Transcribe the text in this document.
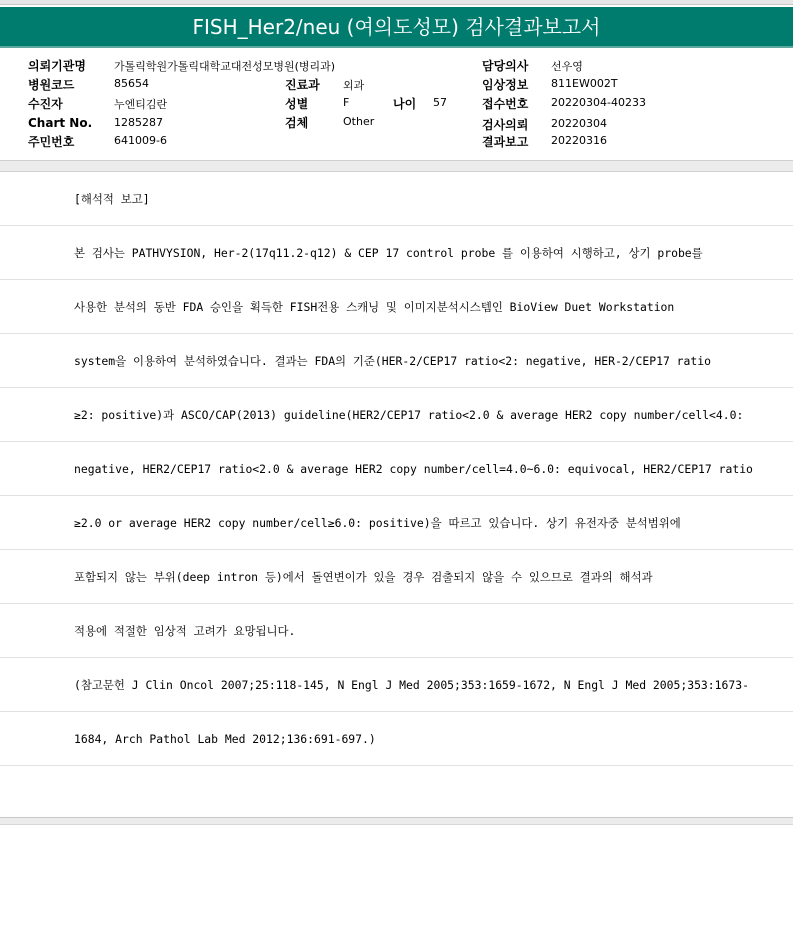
FISH_Her2/neu (여의도성모) 검사결과보고서
의뢰기관명	가톨릭학원가톨릭대학교대전성모병원(병리과)
병원코드	85654	진료과 외과
수진자	누엔티김란	성별	F	나이 57
Chart No. 1285287	검체	Other
주민번호	641009-6
담당의사 선우영
임상정보 811EW002T
접수번호 20220304-40233
검사의뢰 20220304
결과보고 20220316
[해석적 보고]
본 검사는 PATHVYSION, Her-2(17q11.2-q12) & CEP 17 control probe 를 이용하여 시행하고, 상기 probe를
사용한 분석의 동반 FDA 승인을 획득한 FISH전용 스캐닝 및 이미지분석시스템인 BioView Duet Workstation
system을 이용하여 분석하였습니다. 결과는 FDA의 기준(HER-2/CEP17 ratio<2: negative, HER-2/CEP17 ratio
≥2: positive)과 ASCO/CAP(2013) guideline(HER2/CEP17 ratio<2.0 & average HER2 copy number/cell<4.0:
negative, HER2/CEP17 ratio<2.0 & average HER2 copy number/cell=4.0~6.0: equivocal, HER2/CEP17 ratio
≥2.0 or average HER2 copy number/cell≥6.0: positive)을 따르고 있습니다. 상기 유전자중 분석범위에
포함되지 않는 부위(deep intron 등)에서 돌연변이가 있을 경우 검출되지 않을 수 있으므로 결과의 해석과
적용에 적절한 임상적 고려가 요망됩니다.
(참고문헌 J Clin Oncol 2007;25:118-145, N Engl J Med 2005;353:1659-1672, N Engl J Med 2005;353:1673-
1684, Arch Pathol Lab Med 2012;136:691-697.)
